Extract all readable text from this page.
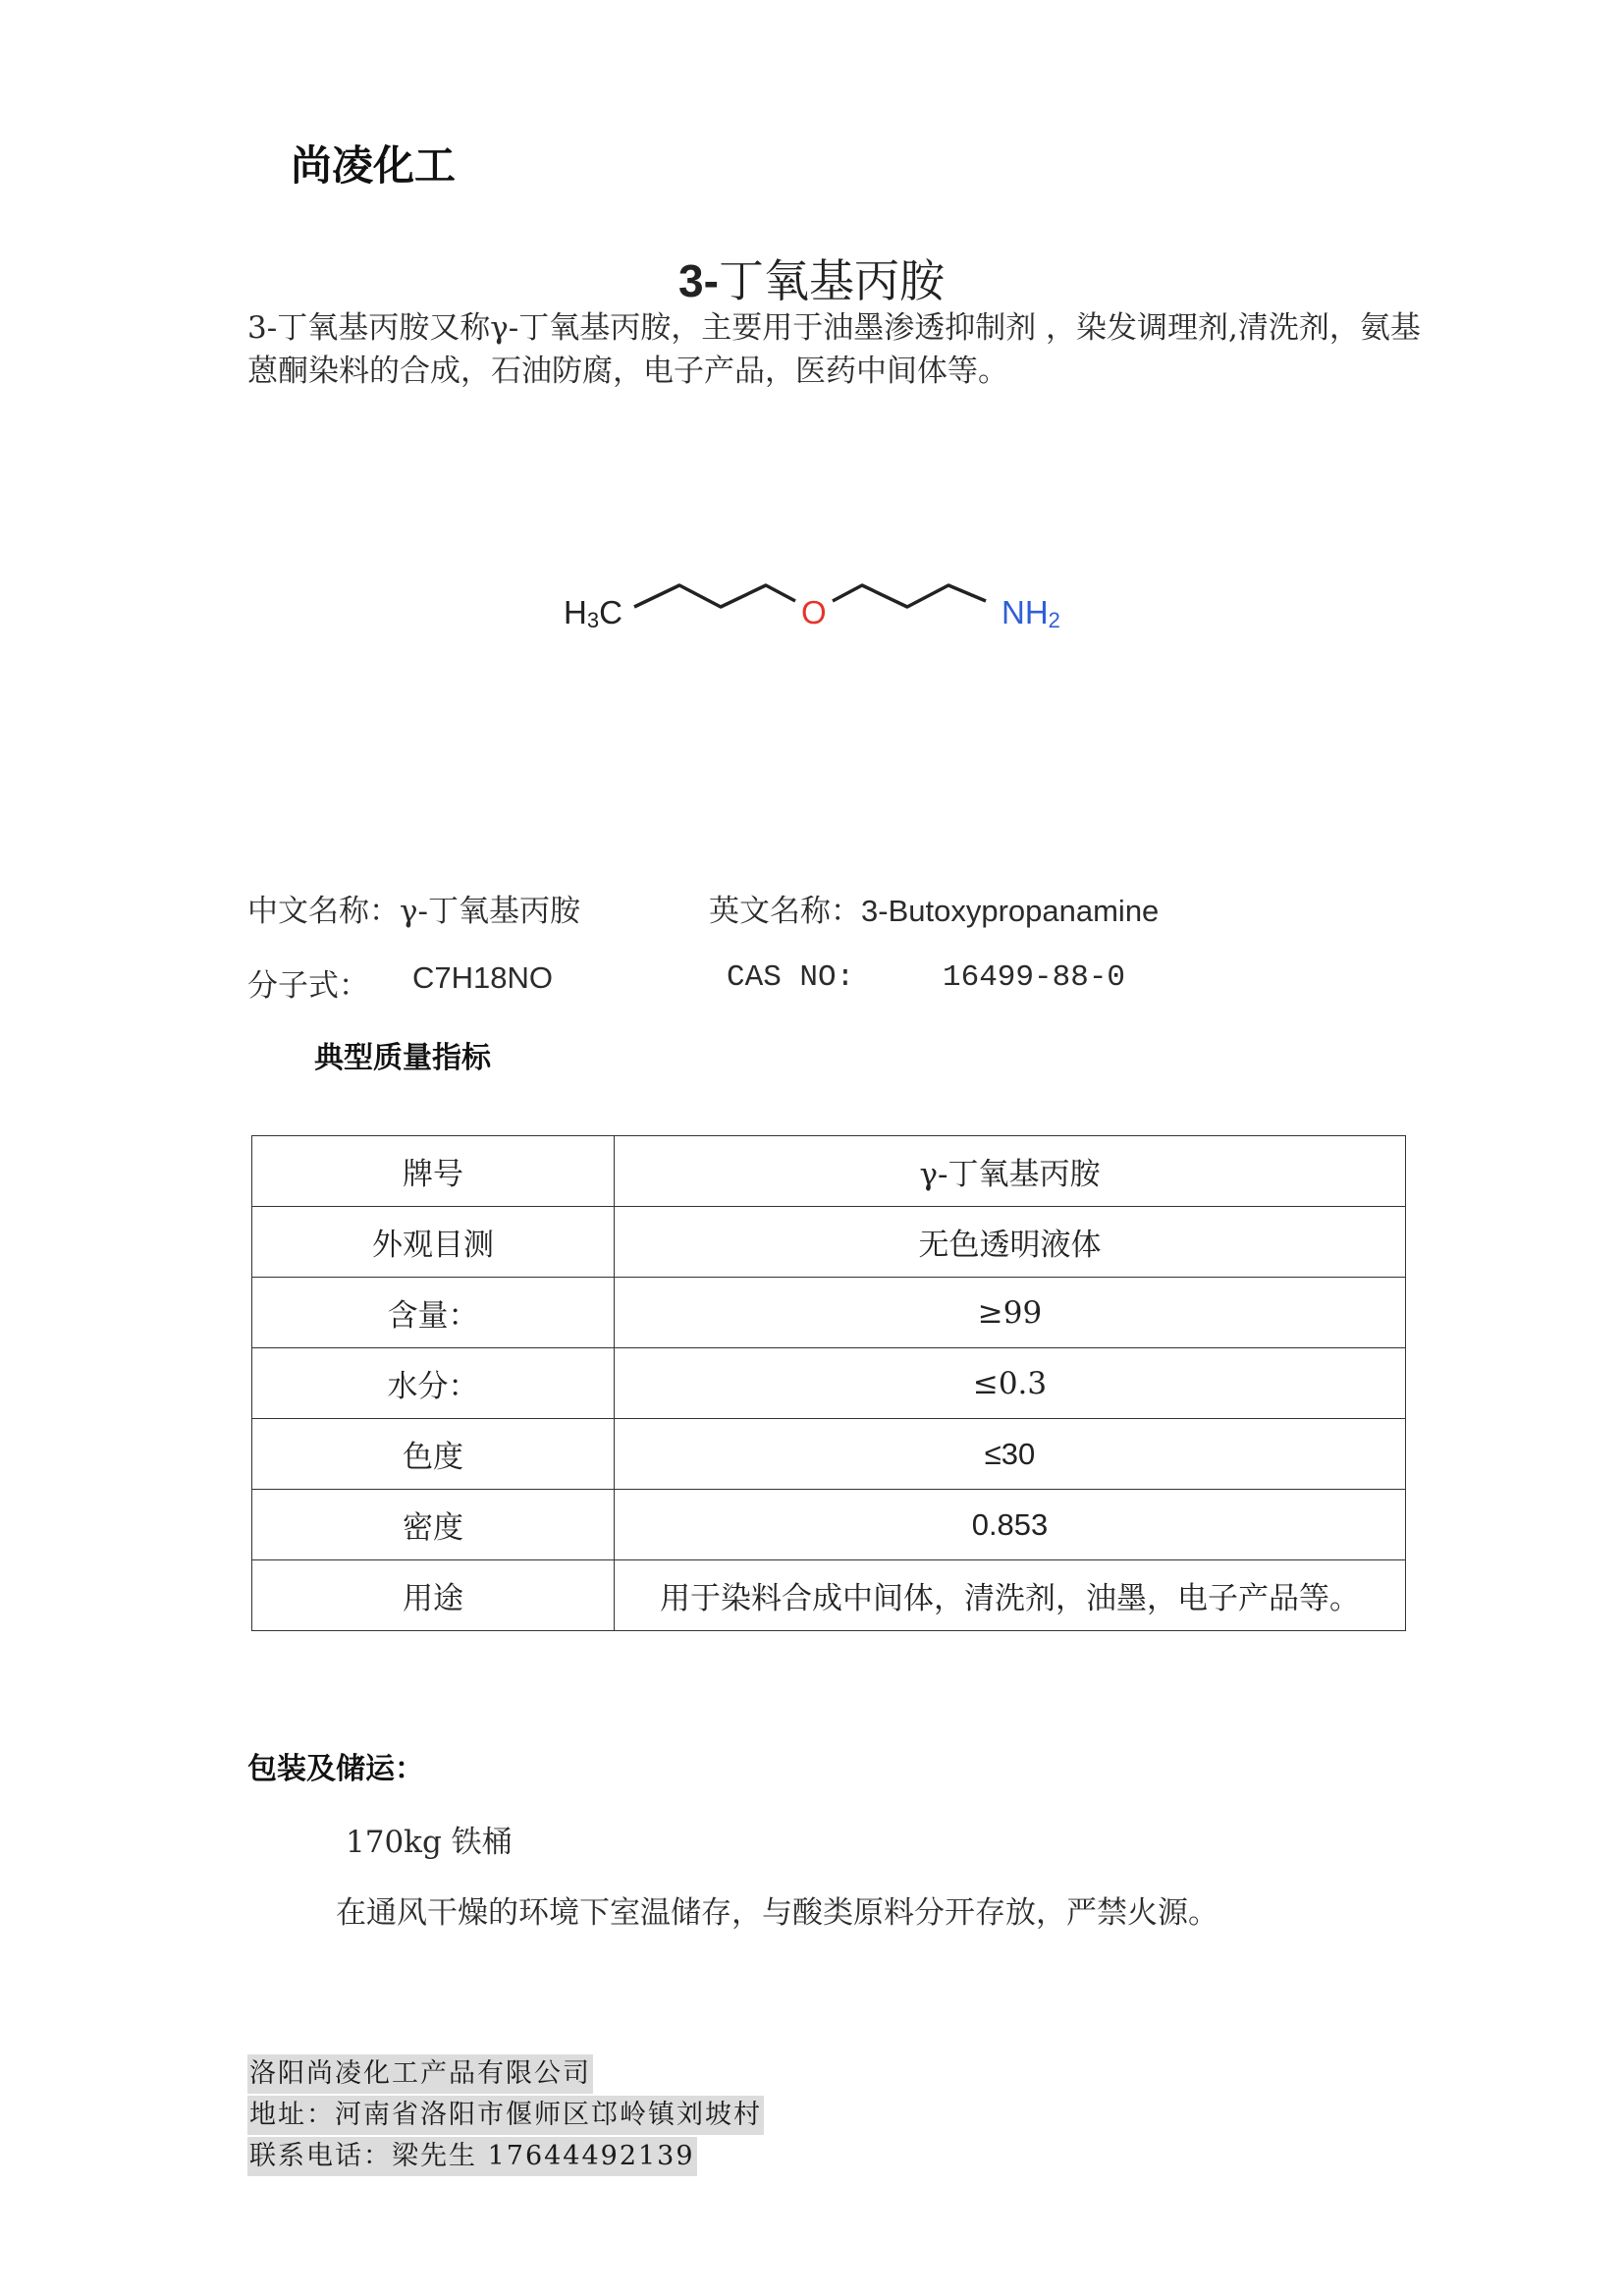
尚凌化工
3-丁氧基丙胺
3-丁氧基丙胺又称γ-丁氧基丙胺，主要用于油墨渗透抑制剂 ，染发调理剂,清洗剂，氨基蒽酮染料的合成，石油防腐，电子产品，医药中间体等。
H3C	O	NH2
中文名称：γ-丁氧基丙胺	英文名称：3-Butoxypropanamine
分子式： C7H18NO	CAS NO:	16499-88-0
典型质量指标
牌号	γ-丁氧基丙胺
外观目测	无色透明液体
含量：	≥99
水分：	≤0.3
色度	≤30
密度	0.853
用途	用于染料合成中间体，清洗剂，油墨，电子产品等。
包装及储运：
170kg 铁桶
在通风干燥的环境下室温储存，与酸类原料分开存放，严禁火源。
洛阳尚凌化工产品有限公司
地址：河南省洛阳市偃师区邙岭镇刘坡村
联系电话：梁先生 17644492139
